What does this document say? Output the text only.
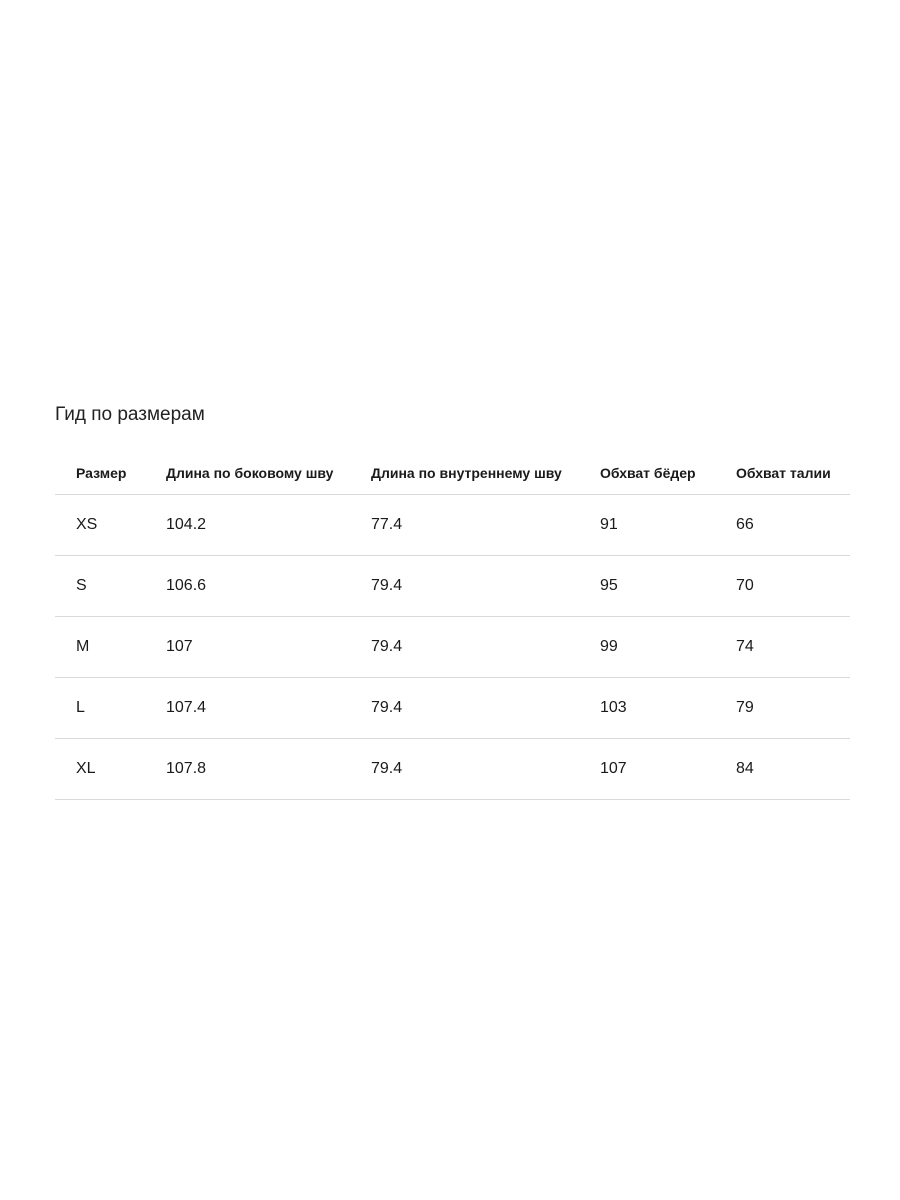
Гид по размерам
Размер	Длина по боковому шву	Длина по внутреннему шву	Обхват бёдер	Обхват талии
XS	104.2	77.4	91	66
S	106.6	79.4	95	70
M	107	79.4	99	74
L	107.4	79.4	103	79
XL	107.8	79.4	107	84
